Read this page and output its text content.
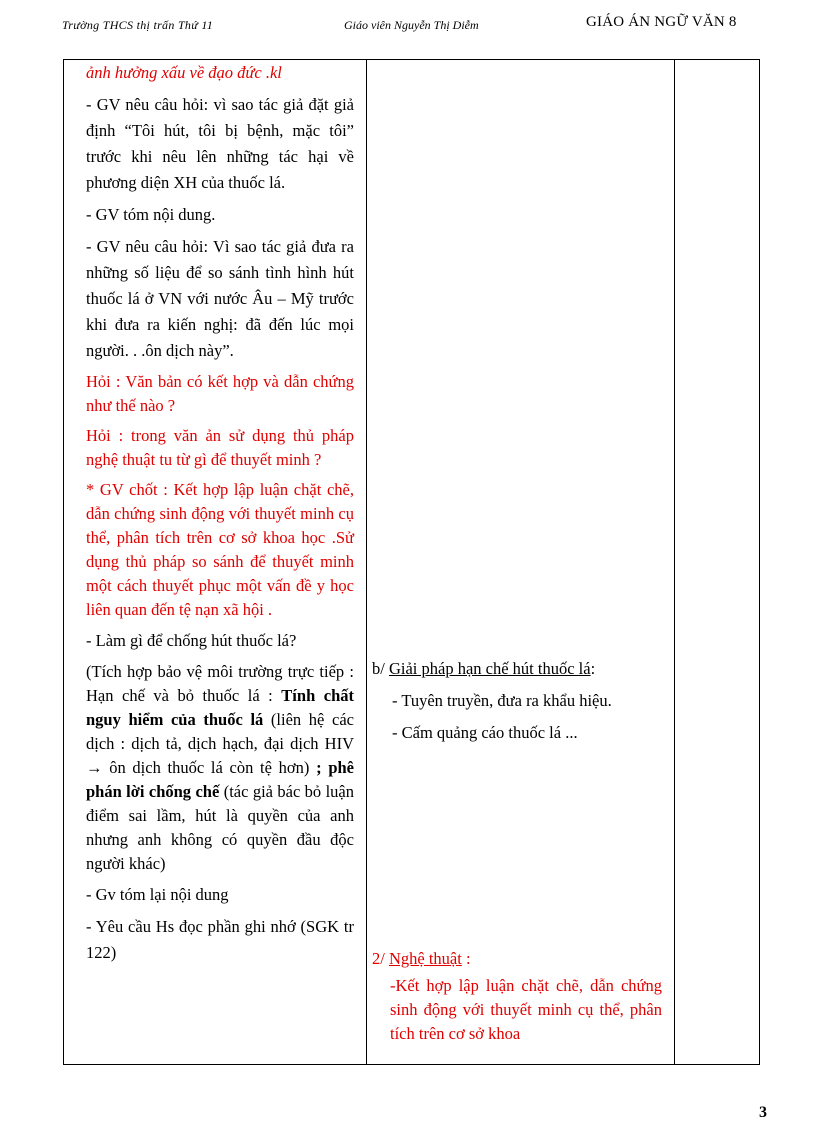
Trường THCS thị trấn Thứ 11	Giáo viên Nguyễn Thị Diễm	GIÁO ÁN NGỮ VĂN 8
ảnh hưởng xấu về đạo đức .kl
- GV nêu câu hỏi: vì sao tác giả đặt giả định “Tôi hút, tôi bị bệnh, mặc tôi” trước khi nêu lên những tác hại về phương diện XH của thuốc lá.
- GV tóm nội dung.
- GV nêu câu hỏi: Vì sao tác giả đưa ra những số liệu để so sánh tình hình hút thuốc lá ở VN với nước Âu – Mỹ trước khi đưa ra kiến nghị: đã đến lúc mọi người. . .ôn dịch này”.
Hỏi : Văn bản có kết hợp và dẫn chứng như thế nào ?
Hỏi : trong văn ản sử dụng thủ pháp nghệ thuật tu từ gì để thuyết minh ?
* GV chốt : Kết hợp lập luận chặt chẽ, dẫn chứng sinh động với thuyết minh cụ thể, phân tích trên cơ sở khoa học .Sử dụng thủ pháp so sánh để thuyết minh một cách thuyết phục một vấn đề y học liên quan đến tệ nạn xã hội .
- Làm gì để chống hút thuốc lá?
(Tích hợp bảo vệ môi trường trực tiếp : Hạn chế và bỏ thuốc lá : Tính chất nguy hiểm của thuốc lá (liên hệ các dịch : dịch tả, dịch hạch, đại dịch HIV → ôn dịch thuốc lá còn tệ hơn) ; phê phán lời chống chế (tác giả bác bỏ luận điểm sai lầm, hút là quyền của anh nhưng anh không có quyền đầu độc người khác)
- Gv tóm lại nội dung
- Yêu cầu Hs đọc phần ghi nhớ (SGK tr 122)
b/ Giải pháp hạn chế hút thuốc lá:
- Tuyên truyền, đưa ra khẩu hiệu.
- Cấm quảng cáo thuốc lá ...
2/ Nghệ thuật :
-Kết hợp lập luận chặt chẽ, dẫn chứng sinh động với thuyết minh cụ thể, phân tích trên cơ sở khoa
3
